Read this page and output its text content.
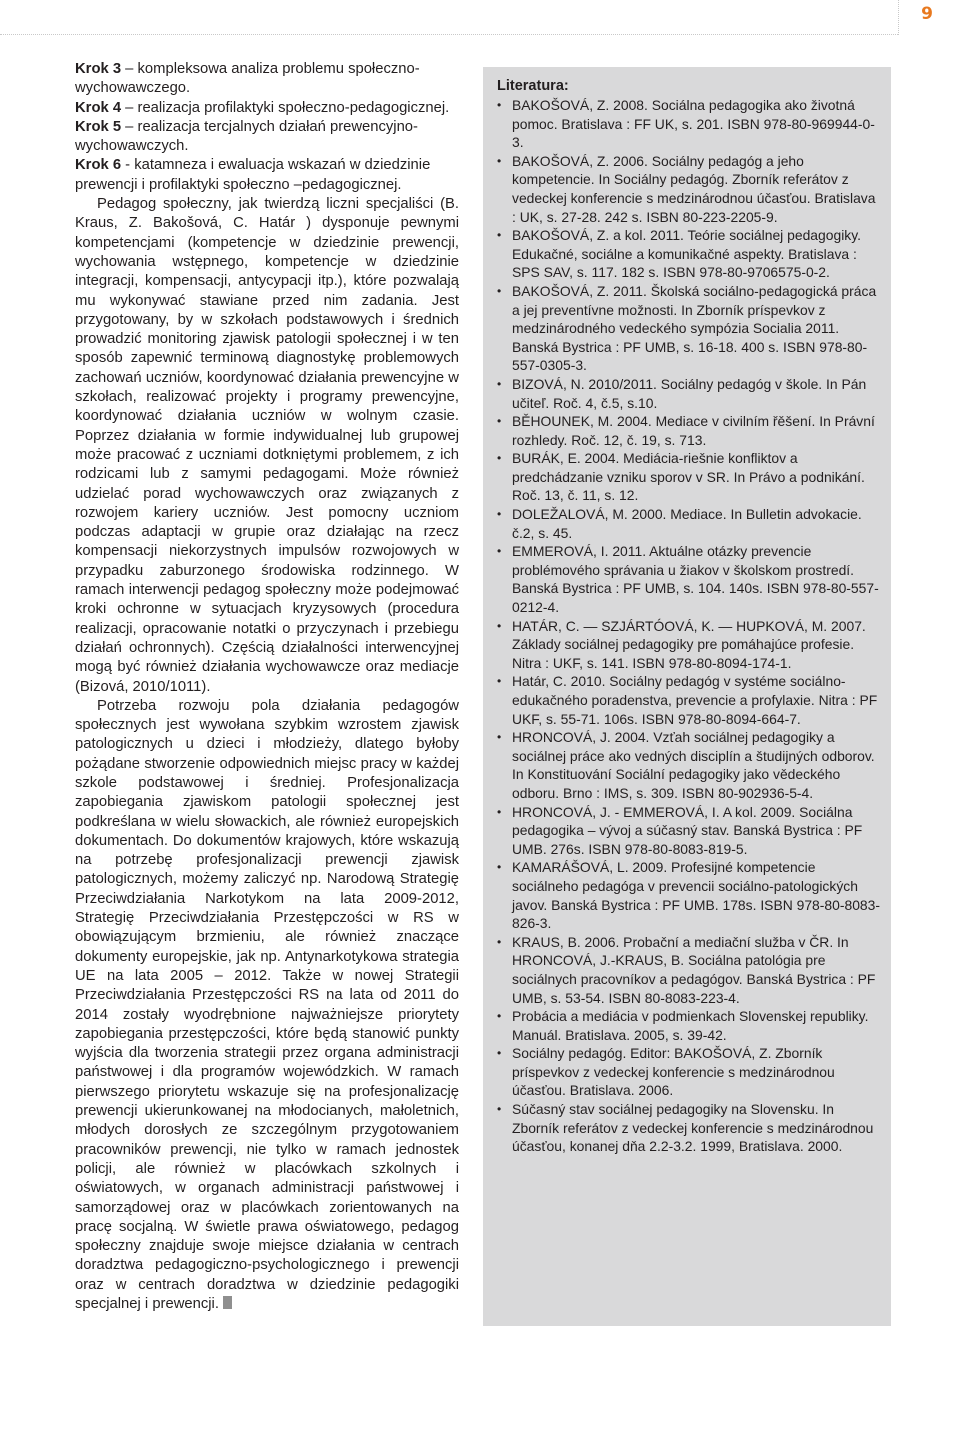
9

Krok 3 – kompleksowa analiza problemu społeczno-wychowawczego.

Krok 4 – realizacja profilaktyki społeczno-pedagogicznej.

Krok 5 – realizacja tercjalnych działań prewencyjno-wychowawczych.

Krok 6 - katamneza i ewaluacja wskazań w dziedzinie prewencji i profilaktyki społeczno –pedagogicznej.

Pedagog społeczny, jak twierdzą liczni specjaliści (B. Kraus, Z. Bakošová, C. Határ ) dysponuje pewnymi kompetencjami (kompetencje w dziedzinie prewencji, wychowania wstępnego, kompetencje w dziedzinie integracji, kompensacji, antycypacji itp.), które pozwalają mu wykonywać stawiane przed nim zadania. Jest przygotowany, by w szkołach podstawowych i średnich prowadzić monitoring zjawisk patologii społecznej i w ten sposób zapewnić terminową diagnostykę problemowych zachowań uczniów, koordynować działania prewencyjne w szkołach, realizować projekty i programy prewencyjne, koordynować działania uczniów w wolnym czasie. Poprzez działania w formie indywidualnej lub grupowej może pracować z uczniami dotkniętymi problemem, z ich rodzicami lub z samymi pedagogami. Może również udzielać porad wychowawczych oraz związanych z rozwojem kariery uczniów. Jest pomocny uczniom podczas adaptacji w grupie oraz działając na rzecz kompensacji niekorzystnych impulsów rozwojowych w przypadku zaburzonego środowiska rodzinnego. W ramach interwencji pedagog społeczny może podejmować kroki ochronne w sytuacjach kryzysowych (procedura realizacji, opracowanie notatki o przyczynach i przebiegu działań ochronnych). Częścią działalności interwencyjnej mogą być również działania wychowawcze oraz mediacje (Bizová, 2010/1011).

Potrzeba rozwoju pola działania pedagogów społecznych jest wywołana szybkim wzrostem zjawisk patologicznych u dzieci i młodzieży, dlatego byłoby pożądane stworzenie odpowiednich miejsc pracy w każdej szkole podstawowej i średniej. Profesjonalizacja zapobiegania zjawiskom patologii społecznej jest podkreślana w wielu słowackich, ale również europejskich dokumentach. Do dokumentów krajowych, które wskazują na potrzebę profesjonalizacji prewencji zjawisk patologicznych, możemy zaliczyć np. Narodową Strategię Przeciwdziałania Narkotykom na lata 2009-2012, Strategię Przeciwdziałania Przestępczości w RS w obowiązującym brzmieniu, ale również znaczące dokumenty europejskie, jak np. Antynarkotykowa strategia UE na lata 2005 – 2012. Także w nowej Strategii Przeciwdziałania Przestępczości RS na lata od 2011 do 2014 zostały wyodrębnione najważniejsze priorytety zapobiegania przestępczości, które będą stanowić punkty wyjścia dla tworzenia strategii przez organa administracji państwowej i dla programów wojewódzkich. W ramach pierwszego priorytetu wskazuje się na profesjonalizację prewencji ukierunkowanej na młodocianych, małoletnich, młodych dorosłych ze szczególnym przygotowaniem pracowników prewencji, nie tylko w ramach jednostek policji, ale również w placówkach szkolnych i oświatowych, w organach administracji państwowej i samorządowej oraz w placówkach zorientowanych na pracę socjalną. W świetle prawa oświatowego, pedagog społeczny znajduje swoje miejsce działania w centrach doradztwa pedagogiczno-psychologicznego i prewencji oraz w centrach doradztwa w dziedzinie pedagogiki specjalnej i prewencji.

Literatura:
• BAKOŠOVÁ, Z. 2008. Sociálna pedagogika ako životná pomoc. Bratislava : FF UK, s. 201. ISBN 978-80-969944-0-3.
• BAKOŠOVÁ, Z. 2006. Sociálny pedagóg a jeho kompetencie. In Sociálny pedagóg. Zborník referátov z vedeckej konferencie s medzinárodnou účasťou. Bratislava : UK, s. 27-28. 242 s. ISBN 80-223-2205-9.
• BAKOŠOVÁ, Z. a kol. 2011. Teórie sociálnej pedagogiky. Edukačné, sociálne a komunikačné aspekty. Bratislava : SPS SAV, s. 117. 182 s. ISBN 978-80-9706575-0-2.
• BAKOŠOVÁ, Z. 2011. Školská sociálno-pedagogická práca a jej preventívne možnosti. In Zborník príspevkov z medzinárodného vedeckého sympózia Socialia 2011. Banská Bystrica : PF UMB, s. 16-18. 400 s. ISBN 978-80-557-0305-3.
• BIZOVÁ, N. 2010/2011. Sociálny pedagóg v škole. In Pán učiteľ. Roč. 4, č.5, s.10.
• BĚHOUNEK, M. 2004. Mediace v civilním řěšení. In Právní rozhledy. Roč. 12, č. 19, s. 713.
• BURÁK, E. 2004. Mediácia-riešnie konfliktov a predchádzanie vzniku sporov v SR. In Právo a podnikání. Roč. 13, č. 11, s. 12.
• DOLEŽALOVÁ, M. 2000. Mediace. In Bulletin advokacie. č.2, s. 45.
• EMMEROVÁ, I. 2011. Aktuálne otázky prevencie problémového správania u žiakov v školskom prostredí. Banská Bystrica : PF UMB, s. 104. 140s. ISBN 978-80-557-0212-4.
• HATÁR, C. — SZJÁRTÓOVÁ, K. — HUPKOVÁ, M. 2007. Základy sociálnej pedagogiky pre pomáhajúce profesie. Nitra : UKF, s. 141. ISBN 978-80-8094-174-1.
• Határ, C. 2010. Sociálny pedagóg v systéme sociálno-edukačného poradenstva, prevencie a profylaxie. Nitra : PF UKF, s. 55-71. 106s. ISBN 978-80-8094-664-7.
• HRONCOVÁ, J. 2004. Vzťah sociálnej pedagogiky a sociálnej práce ako vedných disciplín a študijných odborov. In Konstituování Sociální pedagogiky jako vědeckého odboru. Brno : IMS, s. 309. ISBN 80-902936-5-4.
• HRONCOVÁ, J. - EMMEROVÁ, I. A kol. 2009. Sociálna pedagogika – vývoj a súčasný stav. Banská Bystrica : PF UMB. 276s. ISBN 978-80-8083-819-5.
• KAMARÁŠOVÁ, L. 2009. Profesijné kompetencie sociálneho pedagóga v prevencii sociálno-patologických javov. Banská Bystrica : PF UMB. 178s. ISBN 978-80-8083-826-3.
• KRAUS, B. 2006. Probační a mediační služba v ČR. In HRONCOVÁ, J.-KRAUS, B. Sociálna patológia pre sociálnych pracovníkov a pedagógov. Banská Bystrica : PF UMB, s. 53-54. ISBN 80-8083-223-4.
• Probácia a mediácia v podmienkach Slovenskej republiky. Manuál. Bratislava. 2005, s. 39-42.
• Sociálny pedagóg. Editor: BAKOŠOVÁ, Z. Zborník príspevkov z vedeckej konferencie s medzinárodnou účasťou. Bratislava. 2006.
• Súčasný stav sociálnej pedagogiky na Slovensku. In Zborník referátov z vedeckej konferencie s medzinárodnou účasťou, konanej dňa 2.2-3.2. 1999, Bratislava. 2000.
